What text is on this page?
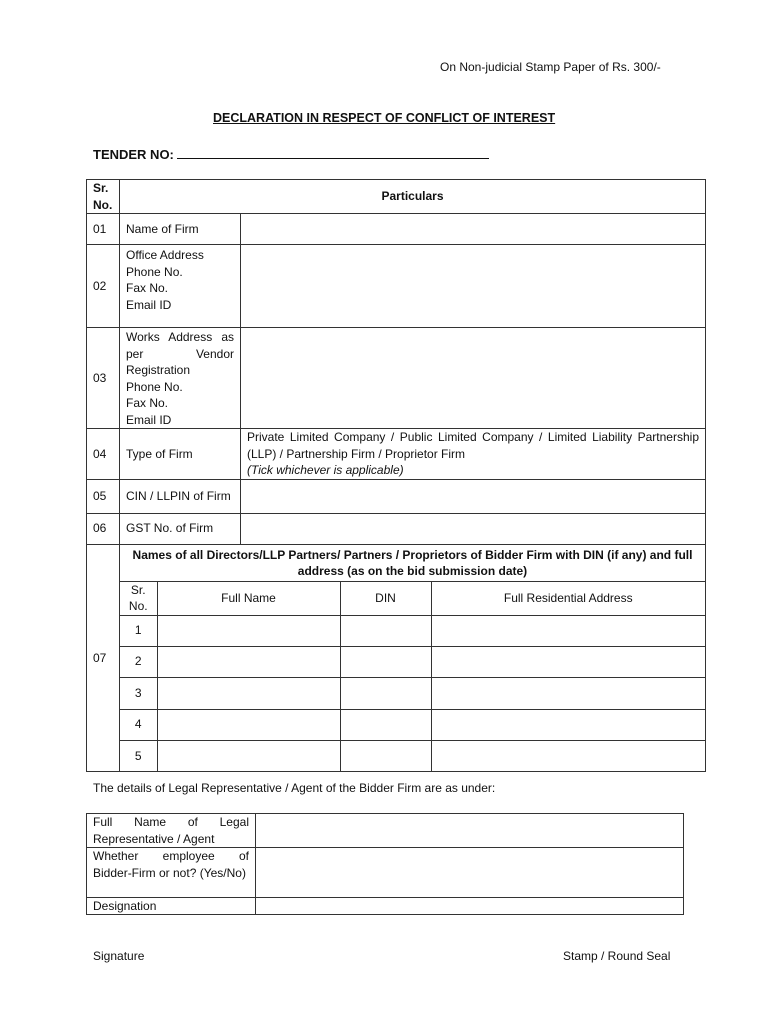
On Non-judicial Stamp Paper of Rs. 300/-
DECLARATION IN RESPECT OF CONFLICT OF INTEREST
TENDER NO:
Sr. No.	Particulars
01	Name of Firm	
02	
Office Address
Phone No.
Fax No.
Email ID

03	
Works Address as per Vendor Registration
Phone No.
Fax No.
Email ID

04	Type of Firm	
Private Limited Company / Public Limited Company / Limited Liability Partnership (LLP) / Partnership Firm / Proprietor Firm
(Tick whichever is applicable)

05	CIN / LLPIN of Firm	
06	GST No. of Firm	
07	
Names of all Directors/LLP Partners/ Partners / Proprietors of Bidder Firm with DIN (if any) and full address (as on the bid submission date)
Sr. No.	Full Name	DIN	Full Residential Address
1			
2			
3			
4			
5			
The details of Legal Representative / Agent of the Bidder Firm are as under:
Full Name of Legal Representative / Agent	
Whether employee of Bidder-Firm or not? (Yes/No)	
Designation	
Signature	Stamp / Round Seal
